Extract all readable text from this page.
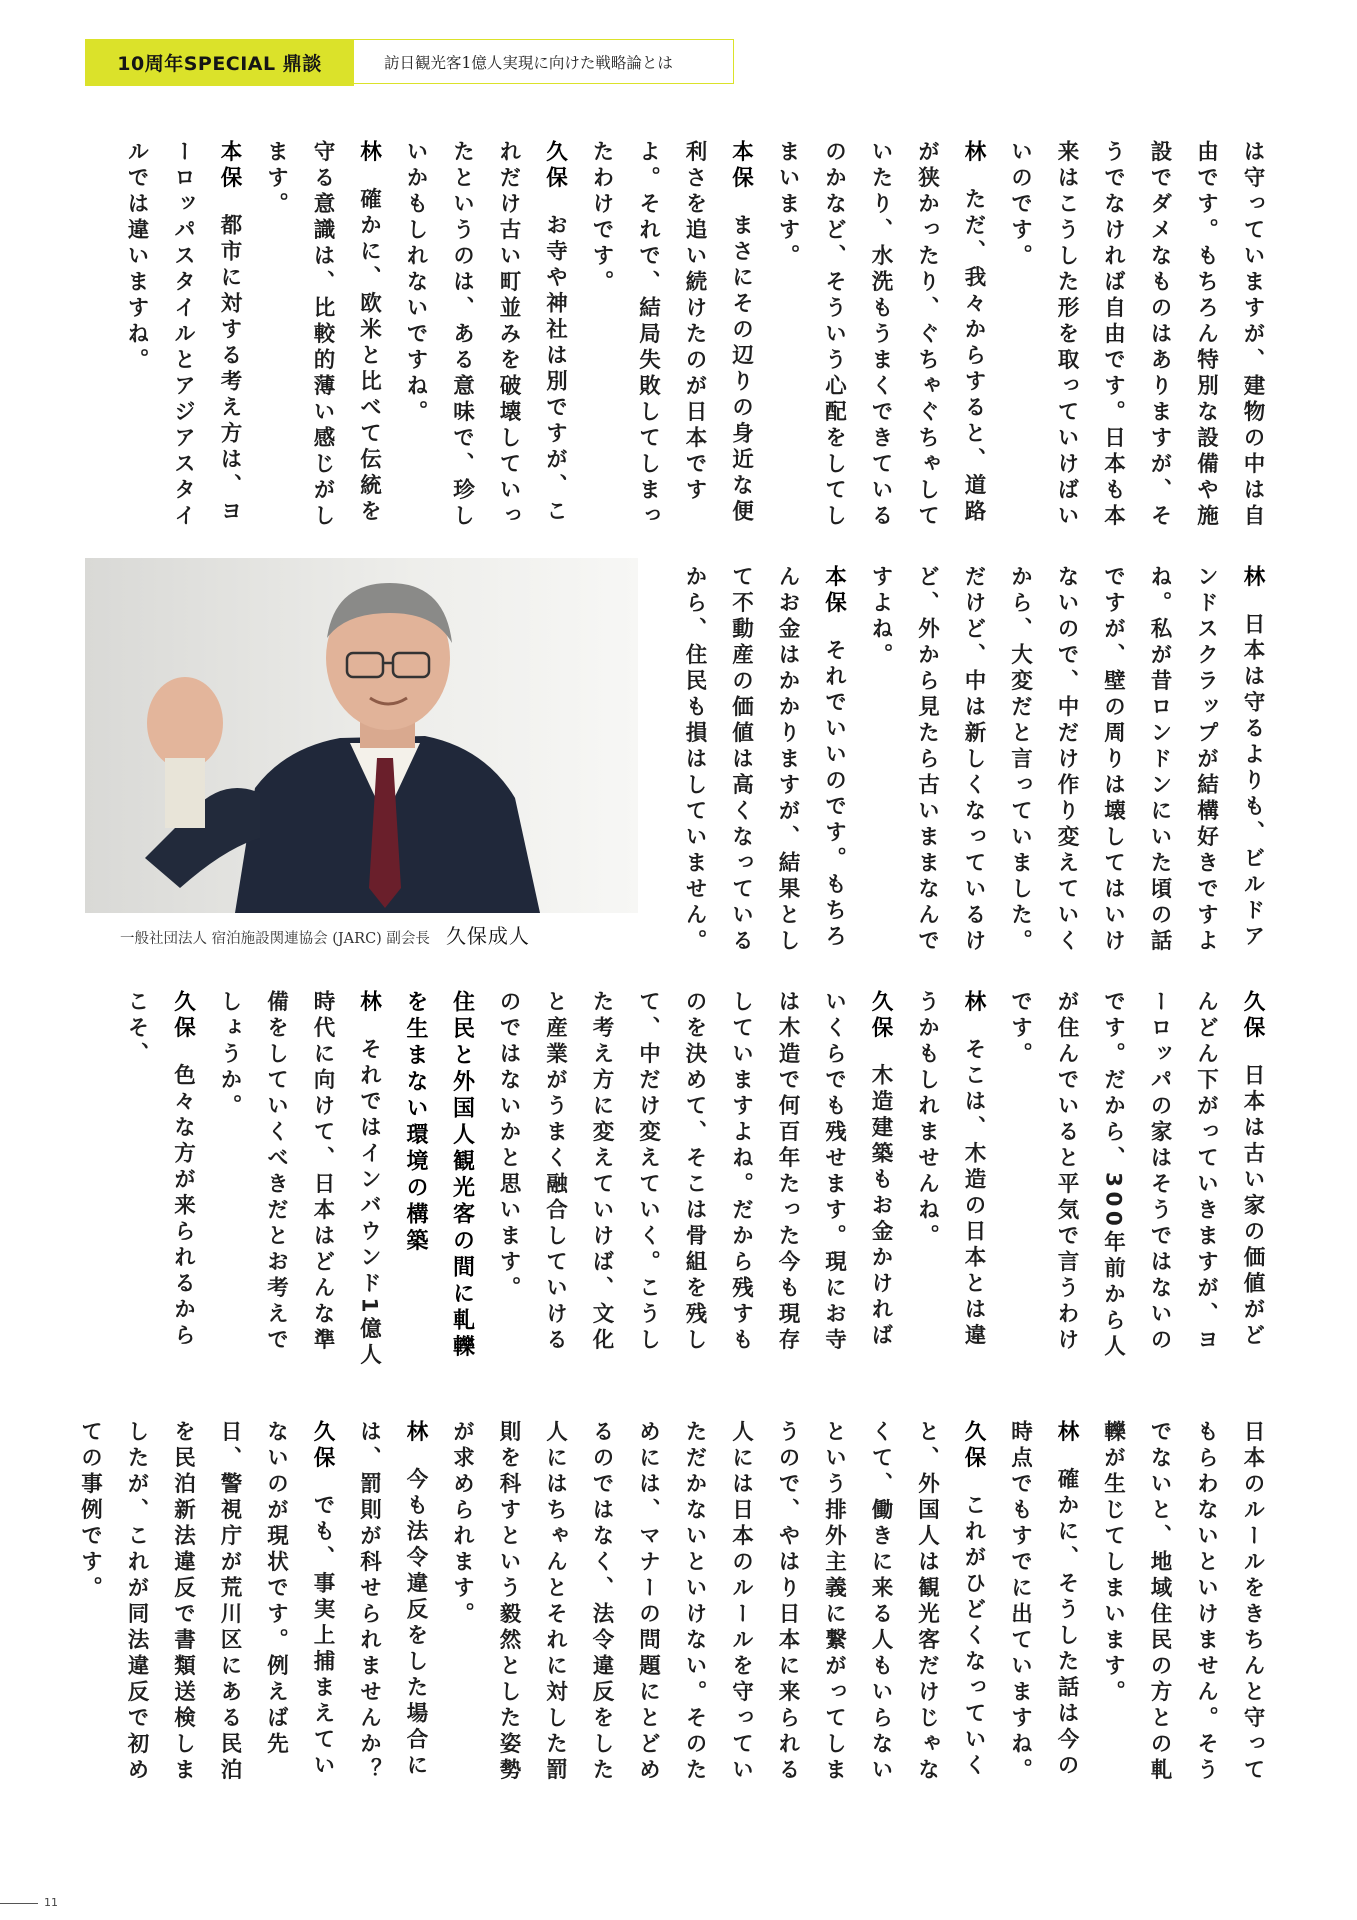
10周年SPECIAL 鼎談	訪日観光客1億人実現に向けた戦略論とは
は守っていますが、建物の中は自由です。もちろん特別な設備や施設でダメなものはありますが、そうでなければ自由です。日本も本来はこうした形を取っていけばいいのです。
林ただ、我々からすると、道路が狭かったり、ぐちゃぐちゃしていたり、水洗もうまくできているのかなど、そういう心配をしてしまいます。
本保まさにその辺りの身近な便利さを追い続けたのが日本ですよ。それで、結局失敗してしまったわけです。
久保お寺や神社は別ですが、これだけ古い町並みを破壊していったというのは、ある意味で、珍しいかもしれないですね。
林確かに、欧米と比べて伝統を守る意識は、比較的薄い感じがします。
本保都市に対する考え方は、ヨーロッパスタイルとアジアスタイルでは違いますね。
林日本は守るよりも、ビルドアンドスクラップが結構好きですよね。私が昔ロンドンにいた頃の話ですが、壁の周りは壊してはいけないので、中だけ作り変えていくから、大変だと言っていました。だけど、中は新しくなっているけど、外から見たら古いままなんですよね。
本保それでいいのです。もちろんお金はかかりますが、結果として不動産の価値は高くなっているから、住民も損はしていません。
久保日本は古い家の価値がどんどん下がっていきますが、ヨーロッパの家はそうではないのです。だから、300年前から人が住んでいると平気で言うわけです。
林そこは、木造の日本とは違うかもしれませんね。
久保木造建築もお金かければいくらでも残せます。現にお寺は木造で何百年たった今も現存していますよね。だから残すものを決めて、そこは骨組を残して、中だけ変えていく。こうした考え方に変えていけば、文化と産業がうまく融合していけるのではないかと思います。
住民と外国人観光客の間に軋轢を生まない環境の構築
林それではインバウンド1億人時代に向けて、日本はどんな準備をしていくべきだとお考えでしょうか。
久保色々な方が来られるからこそ、
日本のルールをきちんと守ってもらわないといけません。そうでないと、地域住民の方との軋轢が生じてしまいます。
林確かに、そうした話は今の時点でもすでに出ていますね。
久保これがひどくなっていくと、外国人は観光客だけじゃなくて、働きに来る人もいらないという排外主義に繋がってしまうので、やはり日本に来られる人には日本のルールを守っていただかないといけない。そのためには、マナーの問題にとどめるのではなく、法令違反をした人にはちゃんとそれに対した罰則を科すという毅然とした姿勢が求められます。
林今も法令違反をした場合には、罰則が科せられませんか？
久保でも、事実上捕まえていないのが現状です。例えば先日、警視庁が荒川区にある民泊を民泊新法違反で書類送検しましたが、これが同法違反で初めての事例です。
一般社団法人 宿泊施設関連協会 (JARC) 副会長 久保成人
11
